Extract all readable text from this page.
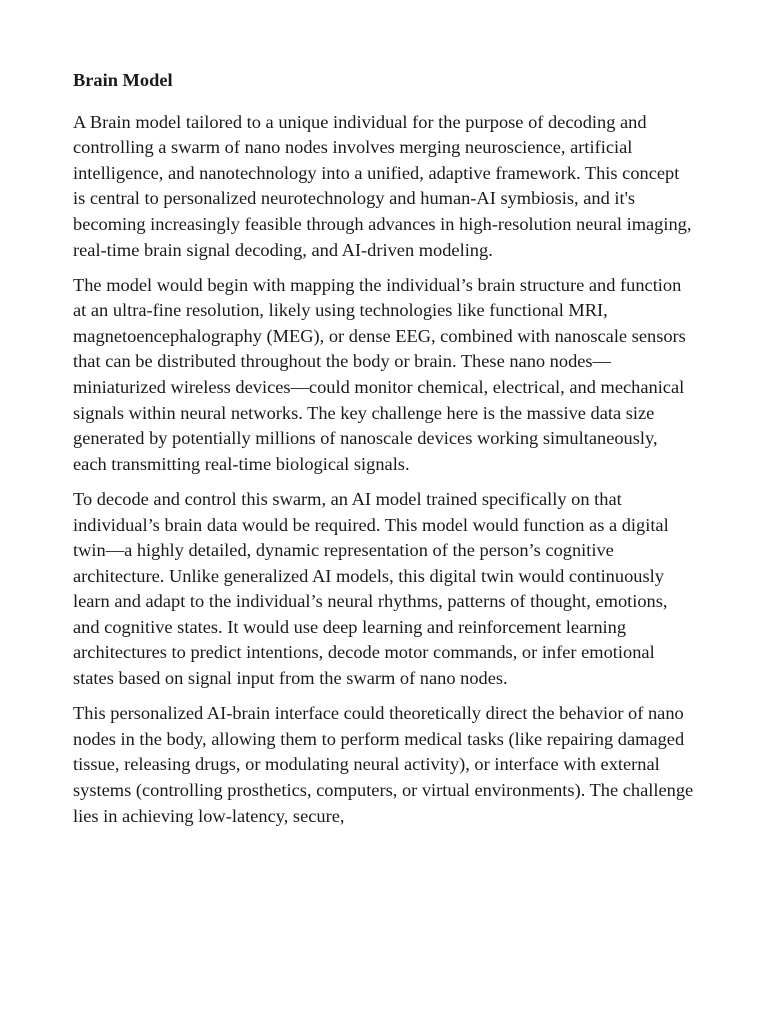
Brain Model

A Brain model tailored to a unique individual for the purpose of decoding and controlling a swarm of nano nodes involves merging neuroscience, artificial intelligence, and nanotechnology into a unified, adaptive framework. This concept is central to personalized neurotechnology and human-AI symbiosis, and it's becoming increasingly feasible through advances in high-resolution neural imaging, real-time brain signal decoding, and AI-driven modeling.

The model would begin with mapping the individual’s brain structure and function at an ultra-fine resolution, likely using technologies like functional MRI, magnetoencephalography (MEG), or dense EEG, combined with nanoscale sensors that can be distributed throughout the body or brain. These nano nodes—miniaturized wireless devices—could monitor chemical, electrical, and mechanical signals within neural networks. The key challenge here is the massive data size generated by potentially millions of nanoscale devices working simultaneously, each transmitting real-time biological signals.

To decode and control this swarm, an AI model trained specifically on that individual’s brain data would be required. This model would function as a digital twin—a highly detailed, dynamic representation of the person’s cognitive architecture. Unlike generalized AI models, this digital twin would continuously learn and adapt to the individual’s neural rhythms, patterns of thought, emotions, and cognitive states. It would use deep learning and reinforcement learning architectures to predict intentions, decode motor commands, or infer emotional states based on signal input from the swarm of nano nodes.

This personalized AI-brain interface could theoretically direct the behavior of nano nodes in the body, allowing them to perform medical tasks (like repairing damaged tissue, releasing drugs, or modulating neural activity), or interface with external systems (controlling prosthetics, computers, or virtual environments). The challenge lies in achieving low-latency, secure,
